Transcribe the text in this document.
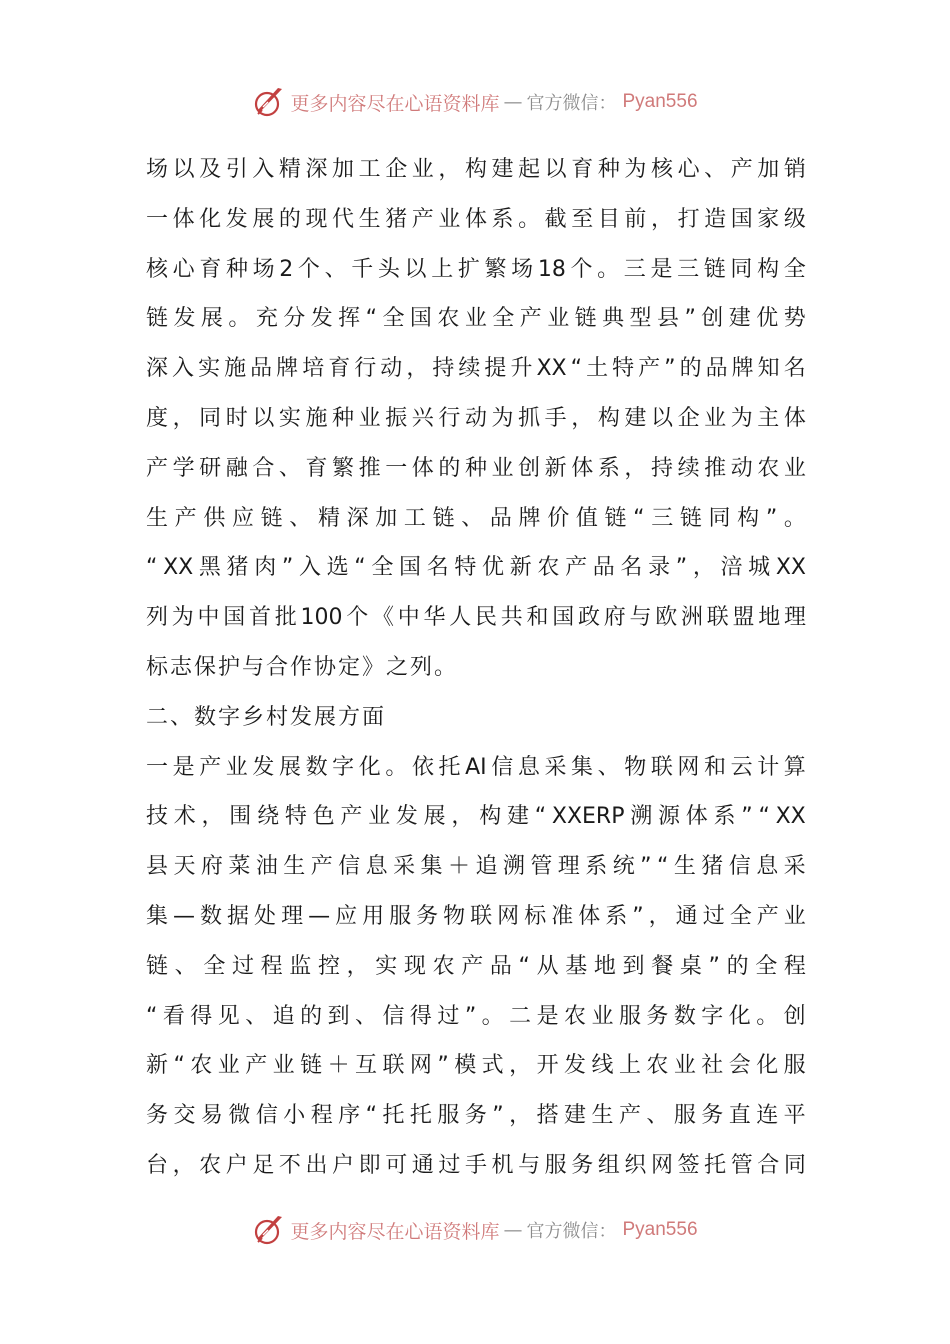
更多内容尽在心语资料库 — 官方微信： Pyan556
场 以 及 引 入 精 深 加 工 企 业 ， 构 建 起 以 育 种 为 核 心 、 产 加 销
一 体 化 发 展 的 现 代 生 猪 产 业 体 系 。 截 至 目 前 ， 打 造 国 家 级
核 心 育 种 场 2 个 、 千 头 以 上 扩 繁 场 18 个 。 三 是 三 链 同 构 全
链 发 展 。 充 分 发 挥 “ 全 国 农 业 全 产 业 链 典 型 县 ” 创 建 优 势
深 入 实 施 品 牌 培 育 行 动 ， 持 续 提 升 XX “ 土 特 产 ” 的 品 牌 知 名
度 ， 同 时 以 实 施 种 业 振 兴 行 动 为 抓 手 ， 构 建 以 企 业 为 主 体
产 学 研 融 合 、 育 繁 推 一 体 的 种 业 创 新 体 系 ， 持 续 推 动 农 业
生 产 供 应 链 、 精 深 加 工 链 、 品 牌 价 值 链 “ 三 链 同 构 ” 。
“ XX 黑 猪 肉 ” 入 选 “ 全 国 名 特 优 新 农 产 品 名 录 ” ， 涪 城 XX
列 为 中 国 首 批 100 个 《 中 华 人 民 共 和 国 政 府 与 欧 洲 联 盟 地 理
标志保护与合作协定》之列。
二、数字乡村发展方面
一 是 产 业 发 展 数 字 化 。 依 托 AI 信 息 采 集 、 物 联 网 和 云 计 算
技 术 ， 围 绕 特 色 产 业 发 展 ， 构 建 “ XXERP 溯 源 体 系 ” “ XX
县 天 府 菜 油 生 产 信 息 采 集 ＋ 追 溯 管 理 系 统 ” “ 生 猪 信 息 采
集 — 数 据 处 理 — 应 用 服 务 物 联 网 标 准 体 系 ” ， 通 过 全 产 业
链 、 全 过 程 监 控 ， 实 现 农 产 品 “ 从 基 地 到 餐 桌 ” 的 全 程
“ 看 得 见 、 追 的 到 、 信 得 过 ” 。 二 是 农 业 服 务 数 字 化 。 创
新 “ 农 业 产 业 链 ＋ 互 联 网 ” 模 式 ， 开 发 线 上 农 业 社 会 化 服
务 交 易 微 信 小 程 序 “ 托 托 服 务 ” ， 搭 建 生 产 、 服 务 直 连 平
台 ， 农 户 足 不 出 户 即 可 通 过 手 机 与 服 务 组 织 网 签 托 管 合 同
更多内容尽在心语资料库 — 官方微信： Pyan556
